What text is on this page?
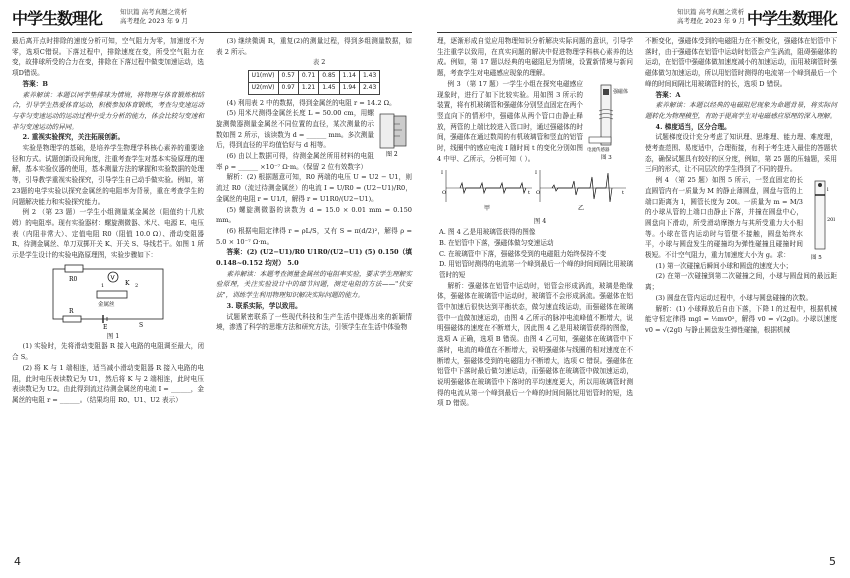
中学生数理化	知识篇 高考真题之赏析
高考理化 2023 年 9 月

最后离开点时排除的速度分析可知，空气阻力为零，加速度不为零，选项C错误。下落过程中，排除速度在变，所受空气阻力在变，故排球所受的合力在变，排除在下落过程中做变加速运动，选项D错误。

答案：B

素养解读：本题以同学垫排球为情境，将物理与体育锻炼相结合，引导学生热爱体育运动，积极参加体育锻炼，考查匀变速运动与非匀变速运动的运动过程中受力分析的能力，体会比较匀变速和非匀变速运动的异同。

2. 重视实验探究，关注拓展创新。

实验是物理学的基础，是培养学生物理学科核心素养的重要途径和方式。试题创新设问角度，注重考查学生对基本实验原理的理解，基本实验仪器的使用，基本测量方法的掌握和实验数据的处理等，引导教学重视实验探究，引导学生自己动手做实验。例如，第23题的电学实验以探究金属丝的电阻率为背景，重在考查学生的问题解决能力和实验探究能力。

例 2 （第 23 题）一学生小组测量某金属丝（阻值约十几欧姆）的电阻率。现有实验器材：螺旋测微器、米尺、电源 E、电压表（内阻非常大）、定值电阻 R0（阻值 10.0 Ω）、滑动变阻器 R、待测金属丝、单刀双掷开关 K、开关 S、导线若干。如图 1 所示是学生设计的实验电路原理图，实验步骤如下：

R0	V
K
1	2
金属丝
R
E	S

图 1

(1) 实验时，先将滑动变阻器 R 接入电路的电阻调至最大，闭合 S。

(2) 将 K 与 1 端相连，适当减小滑动变阻器 R 接入电路的电阻，此时电压表读数记为 U1，然后将 K 与 2 端相连，此时电压表读数记为 U2。由此得到流过待测金属丝的电流 I = ______，金属丝的电阻 r = ______。（结果均用 R0、U1、U2 表示）

(3) 继续微调 R，重复(2)的测量过程，得到多组测量数据，如表 2 所示。

表 2

U1(mV)	0.57	0.71	0.85	1.14	1.43
U2(mV)	0.97	1.21	1.45	1.94	2.43

(4) 利用表 2 中的数据，得到金属丝的电阻 r = 14.2 Ω。

图 2

(5) 用米尺测得金属丝长度 L = 50.00 cm，用螺旋测微器测量金属丝不同位置的直径，某次测量的示数如图 2 所示，该读数为 d = ______ mm。多次测量后，得到直径的平均值恰好与 d 相等。

(6) 由以上数据可得，待测金属丝所用材料的电阻率 ρ = ______ ×10⁻⁷ Ω·m。（保留 2 位有效数字）

解析：(2) 根据题意可知，R0 两端的电压 U = U2 − U1，则流过 R0（流过待测金属丝）的电流 I = U/R0 = (U2−U1)/R0，金属丝的电阻 r = U1/I，解得 r = U1R0/(U2−U1)。

(5) 螺旋测微器的读数为 d = 15.0 × 0.01 mm = 0.150 mm。

(6) 根据电阻定律得 r = ρL/S，又有 S = π(d/2)²，解得 ρ = 5.0 × 10⁻⁷ Ω·m。

答案：(2) (U2−U1)/R0 U1R0/(U2−U1) (5) 0.150（填 0.148~0.152 均对） 5.0

素养解读：本题考查测量金属丝的电阻率实验，要求学生理解实验原理，关注实验设计中的细节问题，测定电阻的方法——"伏安法"，训练学生利用物理知识解决实际问题的能力。

3. 联系实际，学以致用。

试题紧密联系了一些现代科技和生产生活中提炼出来的新颖情境，渗透了科学的思维方法和研究方法，引领学生在生活中体验物

4
知识篇 高考真题之赏析
高考理化 2023 年 9 月 中学生数理化

理，逐渐形成自觉应用物理知识分析解决实际问题的意识，引导学生注重学以致用，在真实问题的解决中促进物理学科核心素养的达成。例如，第 17 题以经典的电磁阻尼为情境，设置新情境与新问题，考查学生对电磁感应现象的理解。

强磁体
电流传感器
图 3

例 3 （第 17 题）一学生小组在探究电磁感应现象时，进行了如下比较实验。用如图 3 所示的装置，将有机玻璃管和强磁体分别竖直固定在两个竖直向下的情形中，强磁体从两个管口由静止释放，两管的上端比较进入管口时，通过强磁体的时间，强磁体在通过数周的有机玻璃管和竖直的铝管时，线圈中的感应电流 I 随时间 t 的变化分别如图 4 中甲、乙所示，分析可知（ ）。

I
O	t
甲
I
O	t
乙

图 4

A. 图 4 乙是用玻璃管获得的图像

B. 在铝管中下落，强磁体做匀变速运动

C. 在玻璃管中下落，强磁体受到的电磁阻力始终保持不变

D. 用铝管时测得的电流第一个峰到最后一个峰的时间间隔比用玻璃管时的短

解析：强磁体在铝管中运动时，铝管会形成涡流，玻璃是绝缘体，强磁体在玻璃管中运动时，玻璃管不会形成涡流。强磁体在铝管中加速后很快达到平衡状态，做匀速直线运动，而强磁体在玻璃管中一直做加速运动，由图 4 乙所示的脉冲电流峰值不断增大，说明强磁体的速度在不断增大，因此图 4 乙是用玻璃管获得的图像，选项 A 正确，选项 B 错误。由图 4 乙可知，强磁体在玻璃管中下落时，电流的峰值在不断增大，说明强磁体与线圈的相对速度在不断增大，强磁体受到的电磁阻力不断增大，选项 C 错误。强磁体在铝管中下落时最后做匀速运动，而强磁体在玻璃管中做加速运动，说明强磁体在玻璃管中下落时的平均速度更大，所以用玻璃管时测得的电流从第一个峰到最后一个峰的时间间隔比用铝管时的短，选项 D 错误。

不断变化，强磁体受到的电磁阻力在不断变化，强磁体在铝管中下落时，由于强磁体在铝管中运动时铝管会产生涡流，阻碍强磁体的运动，在铝管中强磁体做加速度减小的加速运动，而用玻璃管时强磁体做匀加速运动，所以用铝管时测得的电流第一个峰到最后一个峰的时间间隔比用玻璃管时的长，选项 D 错误。

答案：A

素养解读：本题以经典的电磁阻尼现象为命题背景，将实际问题转化为物理模型，有助于提高学生对电磁感应原理的深入理解。

4. 梯度适当，区分合理。

试题梯度设计充分考虑了知识理、思维理、能力理、难度理，使考查范围、易度适中，合理衔接，有利于考生进入最佳的答题状态，确保试题具有较好的区分度，例如，第 25 题的压轴题，采用三问的形式，让不同层次的学生得到了不同的提升。

l
20l
图 5

例 4 （第 25 题）如图 5 所示，一竖直固定的长直圆管内有一质量为 M 的静止薄圆盘，圆盘与管的上端口距离为 l，圆管长度为 20l。一质量为 m = M/3 的小球从管的上端口由静止下落，并撞在圆盘中心，圆盘向下滑动，所受滑动摩擦力与其所受重力大小相等。小球在管内运动时与管壁不接触，圆盘始终水平，小球与圆盘发生的碰撞均为弹性碰撞且碰撞时间极短。不计空气阻力，重力加速度大小为 g。求：

(1) 第一次碰撞后瞬间小球和圆盘的速度大小；

(2) 在第一次碰撞到第二次碰撞之间，小球与圆盘间的最远距离；

(3) 圆盘在管内运动过程中，小球与圆盘碰撞的次数。

解析：(1) 小球释放后自由下落，下降 l 的过程中，根据机械能守恒定律得 mgl = ½mv0²，解得 v0 = √(2gl)。小球以速度 v0 = √(2gl) 与静止圆盘发生弹性碰撞，根据机械

5
